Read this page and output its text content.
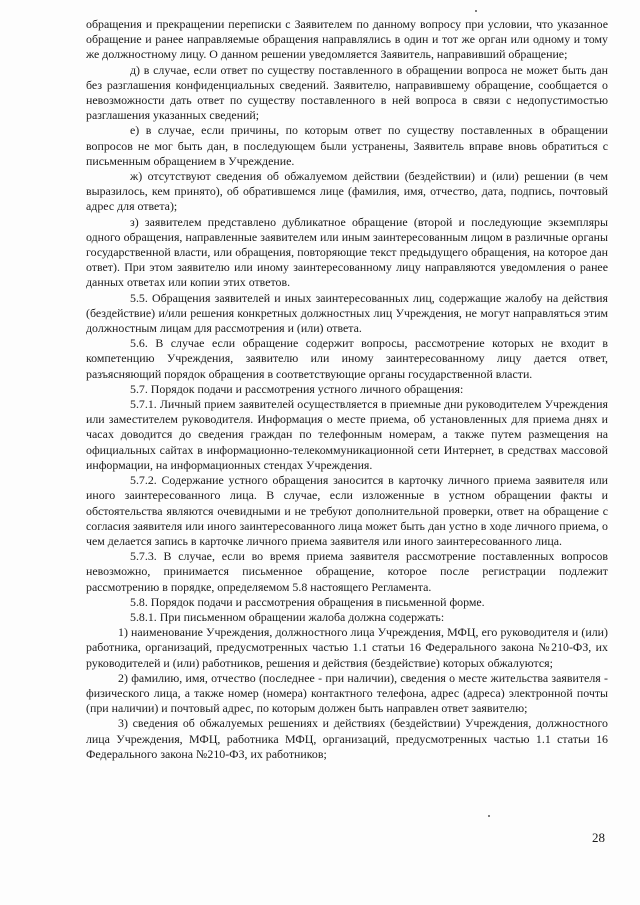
обращения и прекращении переписки с Заявителем по данному вопросу при условии, что указанное обращение и ранее направляемые обращения направлялись в один и тот же орган или одному и тому же должностному лицу. О данном решении уведомляется Заявитель, направивший обращение;

д) в случае, если ответ по существу поставленного в обращении вопроса не может быть дан без разглашения конфиденциальных сведений. Заявителю, направившему обращение, сообщается о невозможности дать ответ по существу поставленного в ней вопроса в связи с недопустимостью разглашения указанных сведений;

е) в случае, если причины, по которым ответ по существу поставленных в обращении вопросов не мог быть дан, в последующем были устранены, Заявитель вправе вновь обратиться с письменным обращением в Учреждение.

ж) отсутствуют сведения об обжалуемом действии (бездействии) и (или) решении (в чем выразилось, кем принято), об обратившемся лице (фамилия, имя, отчество, дата, подпись, почтовый адрес для ответа);

з) заявителем представлено дубликатное обращение (второй и последующие экземпляры одного обращения, направленные заявителем или иным заинтересованным лицом в различные органы государственной власти, или обращения, повторяющие текст предыдущего обращения, на которое дан ответ). При этом заявителю или иному заинтересованному лицу направляются уведомления о ранее данных ответах или копии этих ответов.

5.5. Обращения заявителей и иных заинтересованных лиц, содержащие жалобу на действия (бездействие) и/или решения конкретных должностных лиц Учреждения, не могут направляться этим должностным лицам для рассмотрения и (или) ответа.

5.6. В случае если обращение содержит вопросы, рассмотрение которых не входит в компетенцию Учреждения, заявителю или иному заинтересованному лицу дается ответ, разъясняющий порядок обращения в соответствующие органы государственной власти.

5.7. Порядок подачи и рассмотрения устного личного обращения:

5.7.1. Личный прием заявителей осуществляется в приемные дни руководителем Учреждения или заместителем руководителя. Информация о месте приема, об установленных для приема днях и часах доводится до сведения граждан по телефонным номерам, а также путем размещения на официальных сайтах в информационно-телекоммуникационной сети Интернет, в средствах массовой информации, на информационных стендах Учреждения.

5.7.2. Содержание устного обращения заносится в карточку личного приема заявителя или иного заинтересованного лица. В случае, если изложенные в устном обращении факты и обстоятельства являются очевидными и не требуют дополнительной проверки, ответ на обращение с согласия заявителя или иного заинтересованного лица может быть дан устно в ходе личного приема, о чем делается запись в карточке личного приема заявителя или иного заинтересованного лица.

5.7.3. В случае, если во время приема заявителя рассмотрение поставленных вопросов невозможно, принимается письменное обращение, которое после регистрации подлежит рассмотрению в порядке, определяемом 5.8 настоящего Регламента.

5.8. Порядок подачи и рассмотрения обращения в письменной форме.

5.8.1. При письменном обращении жалоба должна содержать:

1) наименование Учреждения, должностного лица Учреждения, МФЦ, его руководителя и (или) работника, организаций, предусмотренных частью 1.1 статьи 16 Федерального закона №210-ФЗ, их руководителей и (или) работников, решения и действия (бездействие) которых обжалуются;

2) фамилию, имя, отчество (последнее - при наличии), сведения о месте жительства заявителя - физического лица, а также номер (номера) контактного телефона, адрес (адреса) электронной почты (при наличии) и почтовый адрес, по которым должен быть направлен ответ заявителю;

3) сведения об обжалуемых решениях и действиях (бездействии) Учреждения, должностного лица Учреждения, МФЦ, работника МФЦ, организаций, предусмотренных частью 1.1 статьи 16 Федерального закона №210-ФЗ, их работников;

28
